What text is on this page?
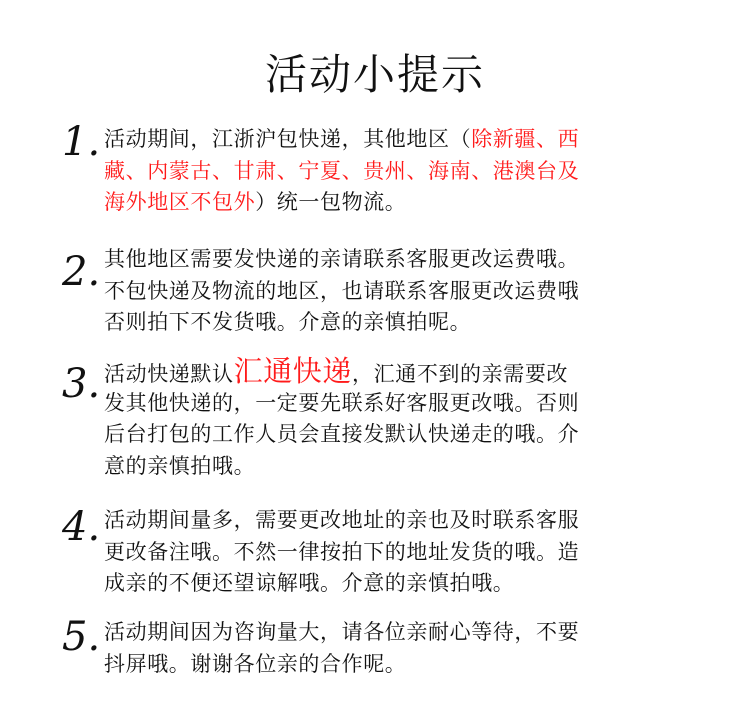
活动小提示
1. 活动期间，江浙沪包快递，其他地区（除新疆、西
藏、内蒙古、甘肃、宁夏、贵州、海南、港澳台及
海外地区不包外）统一包物流。
2. 其他地区需要发快递的亲请联系客服更改运费哦。
不包快递及物流的地区，也请联系客服更改运费哦
否则拍下不发货哦。介意的亲慎拍呢。
3. 活动快递默认汇通快递，汇通不到的亲需要改
发其他快递的，一定要先联系好客服更改哦。否则
后台打包的工作人员会直接发默认快递走的哦。介
意的亲慎拍哦。
4. 活动期间量多，需要更改地址的亲也及时联系客服
更改备注哦。不然一律按拍下的地址发货的哦。造
成亲的不便还望谅解哦。介意的亲慎拍哦。
5. 活动期间因为咨询量大，请各位亲耐心等待，不要
抖屏哦。谢谢各位亲的合作呢。
